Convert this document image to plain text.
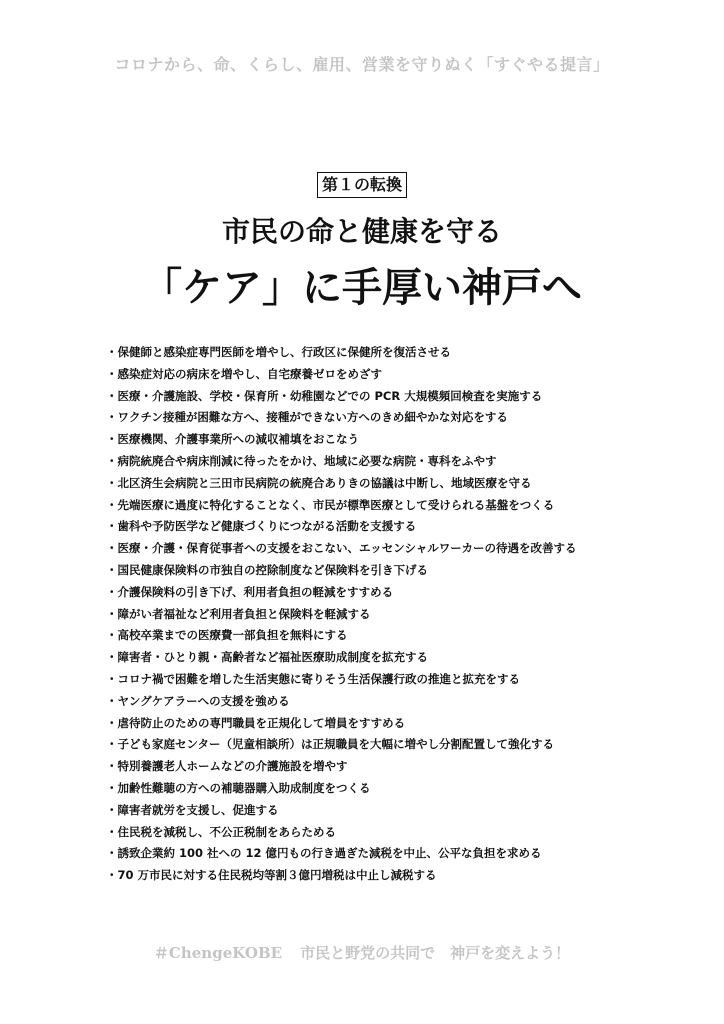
コロナから、命、くらし、雇用、営業を守りぬく「すぐやる提言」
第１の転換
市民の命と健康を守る
「ケア」に手厚い神戸へ
・保健師と感染症専門医師を増やし、行政区に保健所を復活させる
・感染症対応の病床を増やし、自宅療養ゼロをめざす
・医療・介護施設、学校・保育所・幼稚園などでの PCR 大規模頻回検査を実施する
・ワクチン接種が困難な方へ、接種ができない方へのきめ細やかな対応をする
・医療機関、介護事業所への減収補填をおこなう
・病院統廃合や病床削減に待ったをかけ、地域に必要な病院・専科をふやす
・北区済生会病院と三田市民病院の統廃合ありきの協議は中断し、地域医療を守る
・先端医療に過度に特化することなく、市民が標準医療として受けられる基盤をつくる
・歯科や予防医学など健康づくりにつながる活動を支援する
・医療・介護・保育従事者への支援をおこない、エッセンシャルワーカーの待遇を改善する
・国民健康保険料の市独自の控除制度など保険料を引き下げる
・介護保険料の引き下げ、利用者負担の軽減をすすめる
・障がい者福祉など利用者負担と保険料を軽減する
・高校卒業までの医療費一部負担を無料にする
・障害者・ひとり親・高齢者など福祉医療助成制度を拡充する
・コロナ禍で困難を増した生活実態に寄りそう生活保護行政の推進と拡充をする
・ヤングケアラーへの支援を強める
・虐待防止のための専門職員を正規化して増員をすすめる
・子ども家庭センター（児童相談所）は正規職員を大幅に増やし分割配置して強化する
・特別養護老人ホームなどの介護施設を増やす
・加齢性難聴の方への補聴器購入助成制度をつくる
・障害者就労を支援し、促進する
・住民税を減税し、不公正税制をあらためる
・誘致企業約 100 社への 12 億円もの行き過ぎた減税を中止、公平な負担を求める
・70 万市民に対する住民税均等割３億円増税は中止し減税する
＃ChengeKOBE 市民と野党の共同で　神戸を変えよう！
